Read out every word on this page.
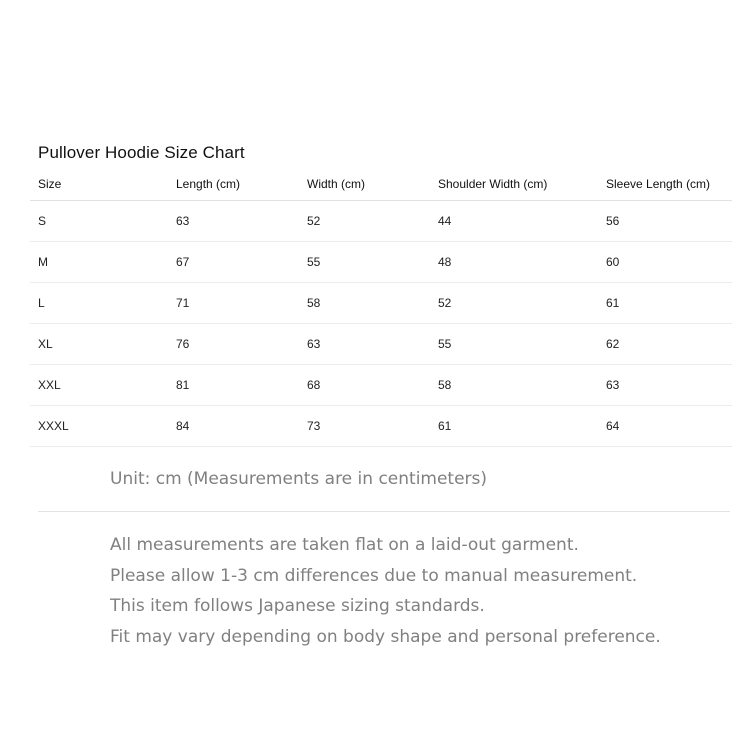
Pullover Hoodie Size Chart
Size	Length (cm)	Width (cm)	Shoulder Width (cm)	Sleeve Length (cm)
S	63	52	44	56
M	67	55	48	60
L	71	58	52	61
XL	76	63	55	62
XXL	81	68	58	63
XXXL	84	73	61	64
Unit: cm (Measurements are in centimeters)
All measurements are taken flat on a laid-out garment.
Please allow 1-3 cm differences due to manual measurement.
This item follows Japanese sizing standards.
Fit may vary depending on body shape and personal preference.
